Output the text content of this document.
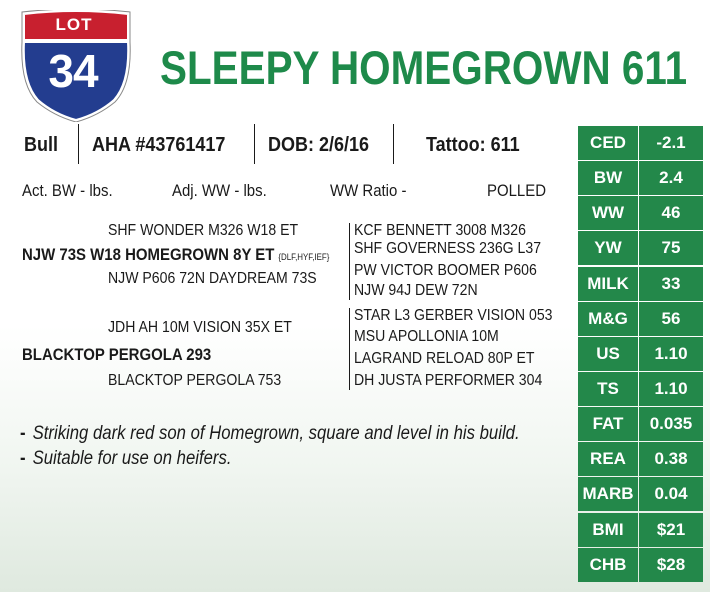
LOT
34	SLEEPY HOMEGROWN 611
Bull AHA #43761417 DOB: 2/6/16	Tattoo: 611
Act. BW - lbs.	Adj. WW - lbs.	WW Ratio -	POLLED
SHF WONDER M326 W18 ET
NJW 73S W18 HOMEGROWN 8Y ET {DLF,HYF,IEF}
NJW P606 72N DAYDREAM 73S
KCF BENNETT 3008 M326
SHF GOVERNESS 236G L37
PW VICTOR BOOMER P606
NJW 94J DEW 72N
JDH AH 10M VISION 35X ET
BLACKTOP PERGOLA 293
BLACKTOP PERGOLA 753
STAR L3 GERBER VISION 053
MSU APOLLONIA 10M
LAGRAND RELOAD 80P ET
DH JUSTA PERFORMER 304
- Striking dark red son of Homegrown, square and level in his build.
- Suitable for use on heifers.
CED	-2.1
BW	2.4
WW	46
YW	75
MILK	33
M&G	56
US	1.10
TS	1.10
FAT	0.035
REA	0.38
MARB	0.04
BMI	$21
CHB	$28
